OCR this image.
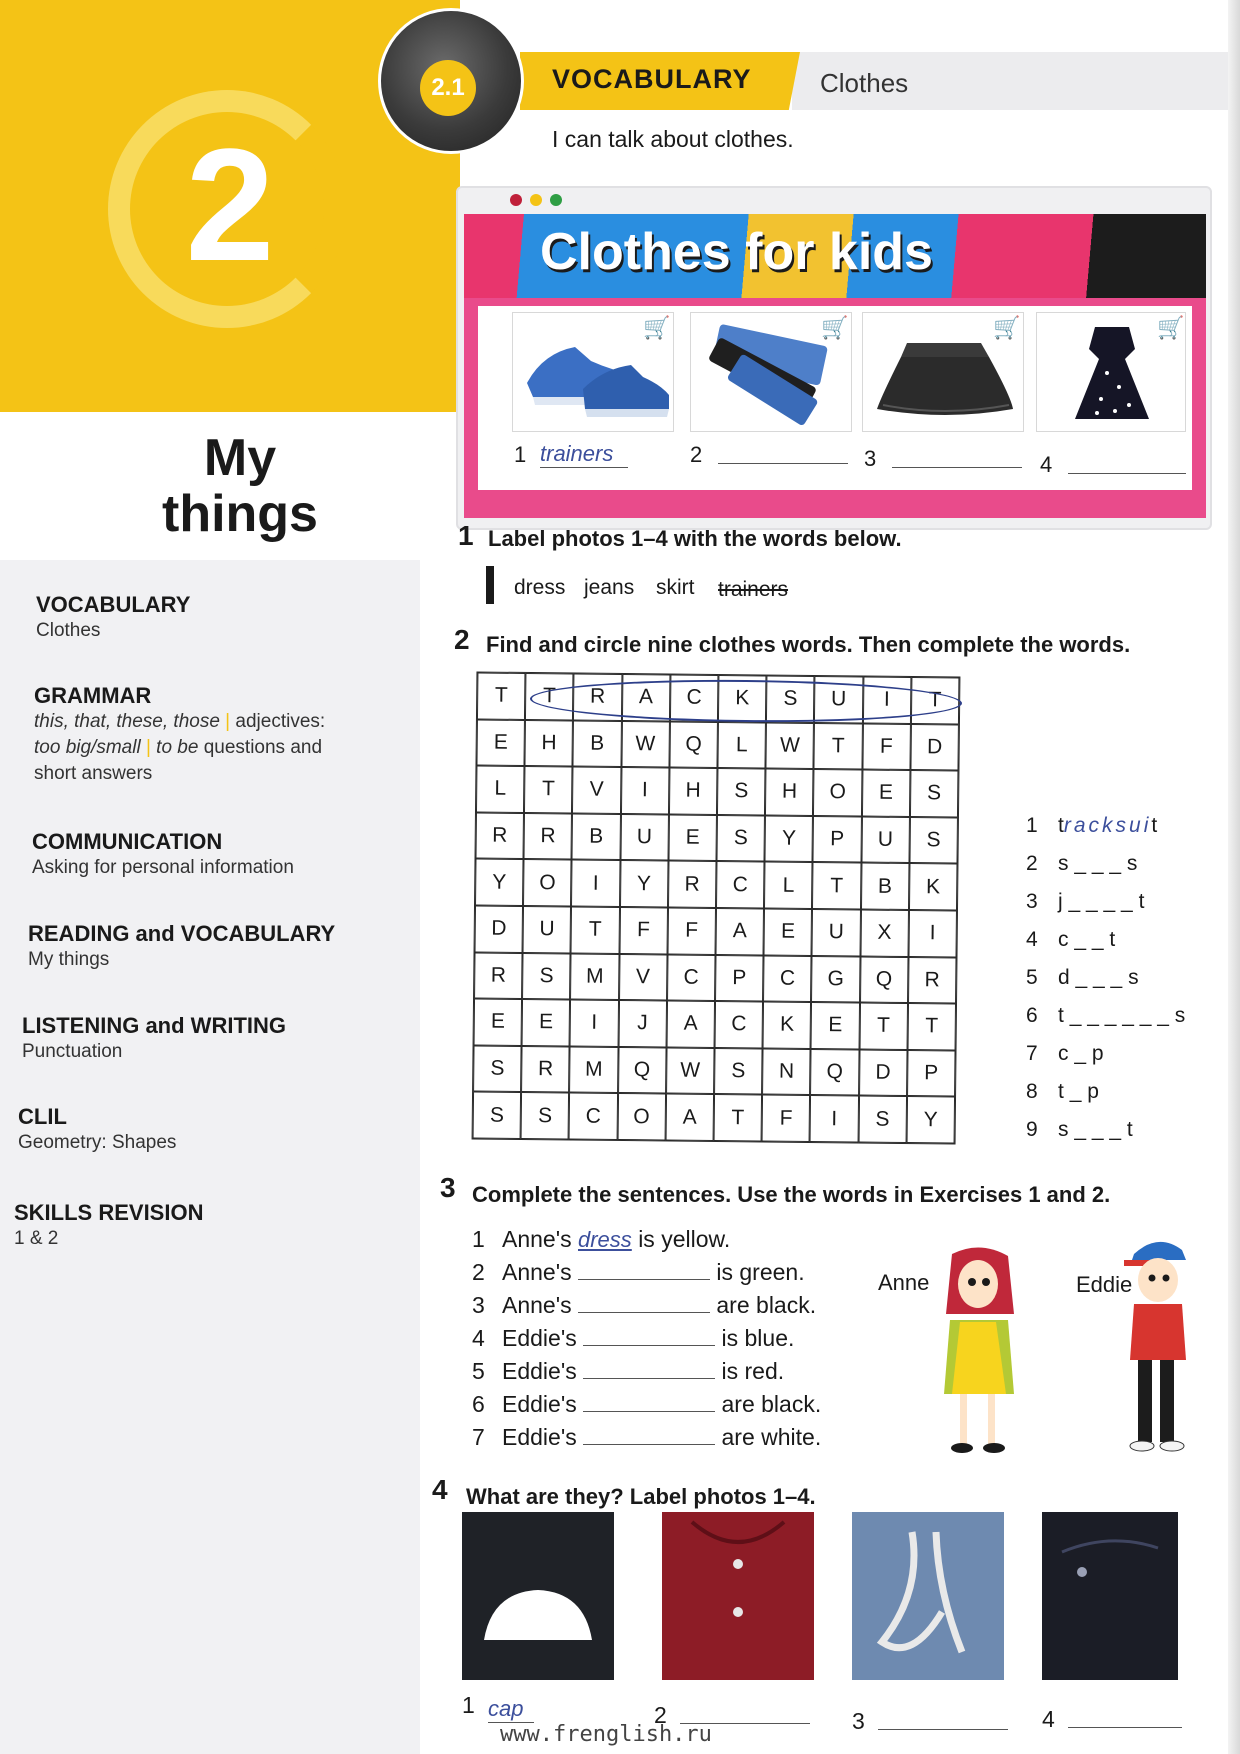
2
My
things
VOCABULARY
Clothes
GRAMMAR
this, that, these, those | adjectives:
too big/small | to be questions and
short answers
COMMUNICATION
Asking for personal information
READING and VOCABULARY
My things
LISTENING and WRITING
Punctuation
CLIL
Geometry: Shapes
SKILLS REVISION
1 & 2
2.1	VOCABULARY	Clothes
I can talk about clothes.
Clothes for kids
🛒	🛒	🛒	🛒
1 trainers	2	3	4
1 Label photos 1–4 with the words below.
dress jeans skirt trainers
2 Find and circle nine clothes words. Then complete the words.
T	T	R	A	C	K	S	U	I	T
E	H	B	W	Q	L	W	T	F	D
L	T	V	I	H	S	H	O	E	S
R	R	B	U	E	S	Y	P	U	S
Y	O	I	Y	R	C	L	T	B	K
D	U	T	F	F	A	E	U	X	I
R	S	M	V	C	P	C	G	Q	R
E	E	I	J	A	C	K	E	T	T
S	R	M	Q	W	S	N	Q	D	P
S	S	C	O	A	T	F	I	S	Y
1 tracksuit
2 s _ _ _ s
3 j _ _ _ _ t
4 c _ _ t
5 d _ _ _ s
6 t _ _ _ _ _ _ s
7 c _ p
8 t _ p
9 s _ _ _ t
3 Complete the sentences. Use the words in Exercises 1 and 2.
1 Anne's dress is yellow.
2 Anne's	is green.
3 Anne's	are black.
4 Eddie's	is blue.
5 Eddie's	is red.
6 Eddie's	are black.
7 Eddie's	are white.
Anne	Eddie
4 What are they? Label photos 1–4.
1 cap	2	3	4
www.frenglish.ru
